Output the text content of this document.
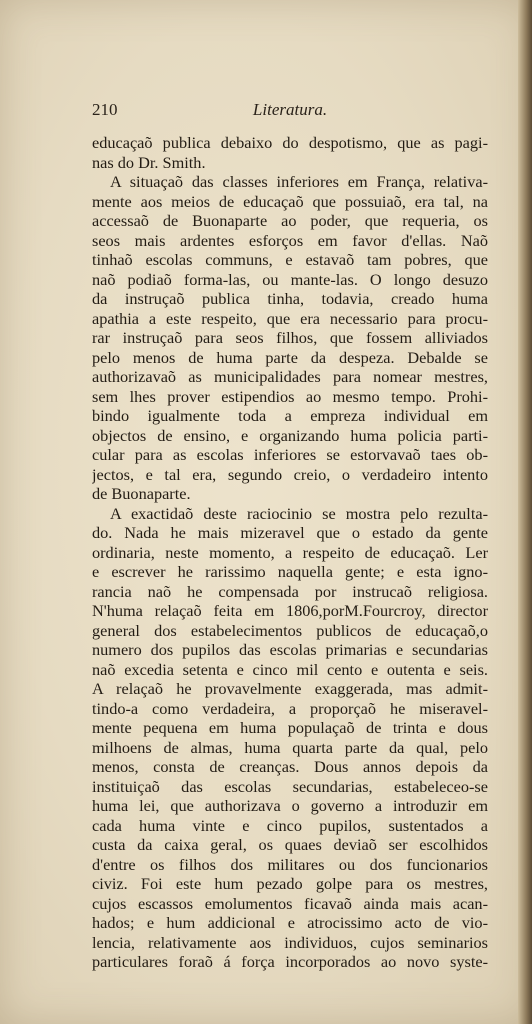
210	Literatura.
educaçaõ publica debaixo do despotismo, que as pagi-
nas do Dr. Smith.
A situaçaõ das classes inferiores em França, relativa-
mente aos meios de educaçaõ que possuiaõ, era tal, na
accessaõ de Buonaparte ao poder, que requeria, os
seos mais ardentes esforços em favor d'ellas. Naõ
tinhaõ escolas communs, e estavaõ tam pobres, que
naõ podiaõ forma-las, ou mante-las. O longo desuzo
da instruçaõ publica tinha, todavia, creado huma
apathia a este respeito, que era necessario para procu-
rar instruçaõ para seos filhos, que fossem alliviados
pelo menos de huma parte da despeza. Debalde se
authorizavaõ as municipalidades para nomear mestres,
sem lhes prover estipendios ao mesmo tempo. Prohi-
bindo igualmente toda a empreza individual em
objectos de ensino, e organizando huma policia parti-
cular para as escolas inferiores se estorvavaõ taes ob-
jectos, e tal era, segundo creio, o verdadeiro intento
de Buonaparte.
A exactidaõ deste raciocinio se mostra pelo rezulta-
do. Nada he mais mizeravel que o estado da gente
ordinaria, neste momento, a respeito de educaçaõ. Ler
e escrever he rarissimo naquella gente; e esta igno-
rancia naõ he compensada por instrucaõ religiosa.
N'huma relaçaõ feita em 1806,porM.Fourcroy, director
general dos estabelecimentos publicos de educaçaõ,o
numero dos pupilos das escolas primarias e secundarias
naõ excedia setenta e cinco mil cento e outenta e seis.
A relaçaõ he provavelmente exaggerada, mas admit-
tindo-a como verdadeira, a proporçaõ he miseravel-
mente pequena em huma populaçaõ de trinta e dous
milhoens de almas, huma quarta parte da qual, pelo
menos, consta de creanças. Dous annos depois da
instituiçaõ das escolas secundarias, estabeleceo-se
huma lei, que authorizava o governo a introduzir em
cada huma vinte e cinco pupilos, sustentados a
custa da caixa geral, os quaes deviaõ ser escolhidos
d'entre os filhos dos militares ou dos funcionarios
civiz. Foi este hum pezado golpe para os mestres,
cujos escassos emolumentos ficavaõ ainda mais acan-
hados; e hum addicional e atrocissimo acto de vio-
lencia, relativamente aos individuos, cujos seminarios
particulares foraõ á força incorporados ao novo syste-
